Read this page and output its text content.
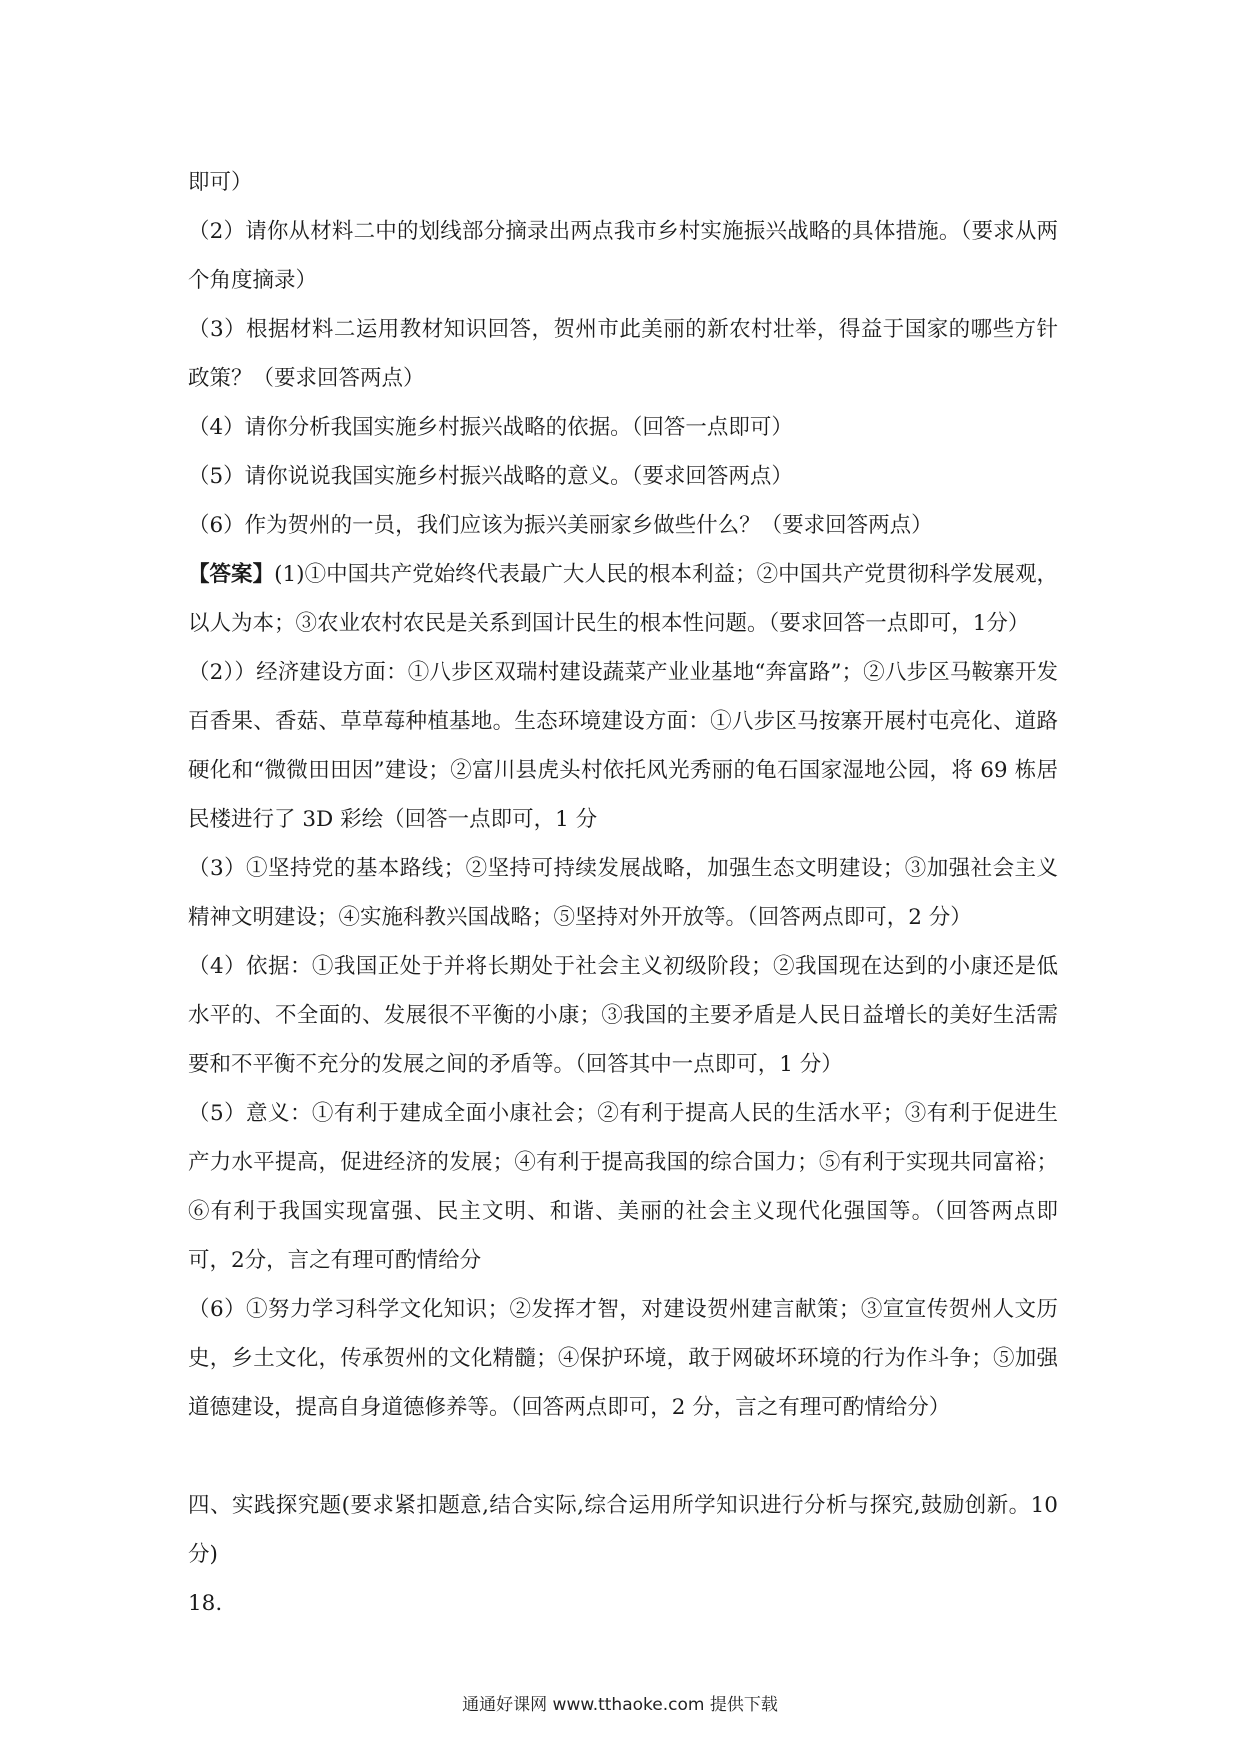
即可）

（2）请你从材料二中的划线部分摘录出两点我市乡村实施振兴战略的具体措施。（要求从两个角度摘录）

（3）根据材料二运用教材知识回答，贺州市此美丽的新农村壮举，得益于国家的哪些方针政策？（要求回答两点）

（4）请你分析我国实施乡村振兴战略的依据。（回答一点即可）

（5）请你说说我国实施乡村振兴战略的意义。（要求回答两点）

（6）作为贺州的一员，我们应该为振兴美丽家乡做些什么？（要求回答两点）

【答案】(1)①中国共产党始终代表最广大人民的根本利益；②中国共产党贯彻科学发展观，以人为本；③农业农村农民是关系到国计民生的根本性问题。（要求回答一点即可，1分）

（2））经济建设方面：①八步区双瑞村建设蔬菜产业业基地“奔富路”；②八步区马鞍寨开发百香果、香菇、草草莓种植基地。生态环境建设方面：①八步区马按寨开展村屯亮化、道路硬化和“微微田田因”建设；②富川县虎头村依托风光秀丽的龟石国家湿地公园，将 69 栋居民楼进行了 3D 彩绘（回答一点即可，1 分

（3）①坚持党的基本路线；②坚持可持续发展战略，加强生态文明建设；③加强社会主义精神文明建设；④实施科教兴国战略；⑤坚持对外开放等。（回答两点即可，2 分）

（4）依据：①我国正处于并将长期处于社会主义初级阶段；②我国现在达到的小康还是低水平的、不全面的、发展很不平衡的小康；③我国的主要矛盾是人民日益增长的美好生活需要和不平衡不充分的发展之间的矛盾等。（回答其中一点即可，1 分）

（5）意义：①有利于建成全面小康社会；②有利于提高人民的生活水平；③有利于促进生产力水平提高，促进经济的发展；④有利于提高我国的综合国力；⑤有利于实现共同富裕；⑥有利于我国实现富强、民主文明、和谐、美丽的社会主义现代化强国等。（回答两点即可，2分，言之有理可酌情给分

（6）①努力学习科学文化知识；②发挥才智，对建设贺州建言献策；③宣宣传贺州人文历史，乡土文化，传承贺州的文化精髓；④保护环境，敢于网破坏环境的行为作斗争；⑤加强道德建设，提高自身道德修养等。（回答两点即可，2 分，言之有理可酌情给分）

四、实践探究题(要求紧扣题意,结合实际,综合运用所学知识进行分析与探究,鼓励创新。10分)

18.

通通好课网 www.tthaoke.com 提供下载
